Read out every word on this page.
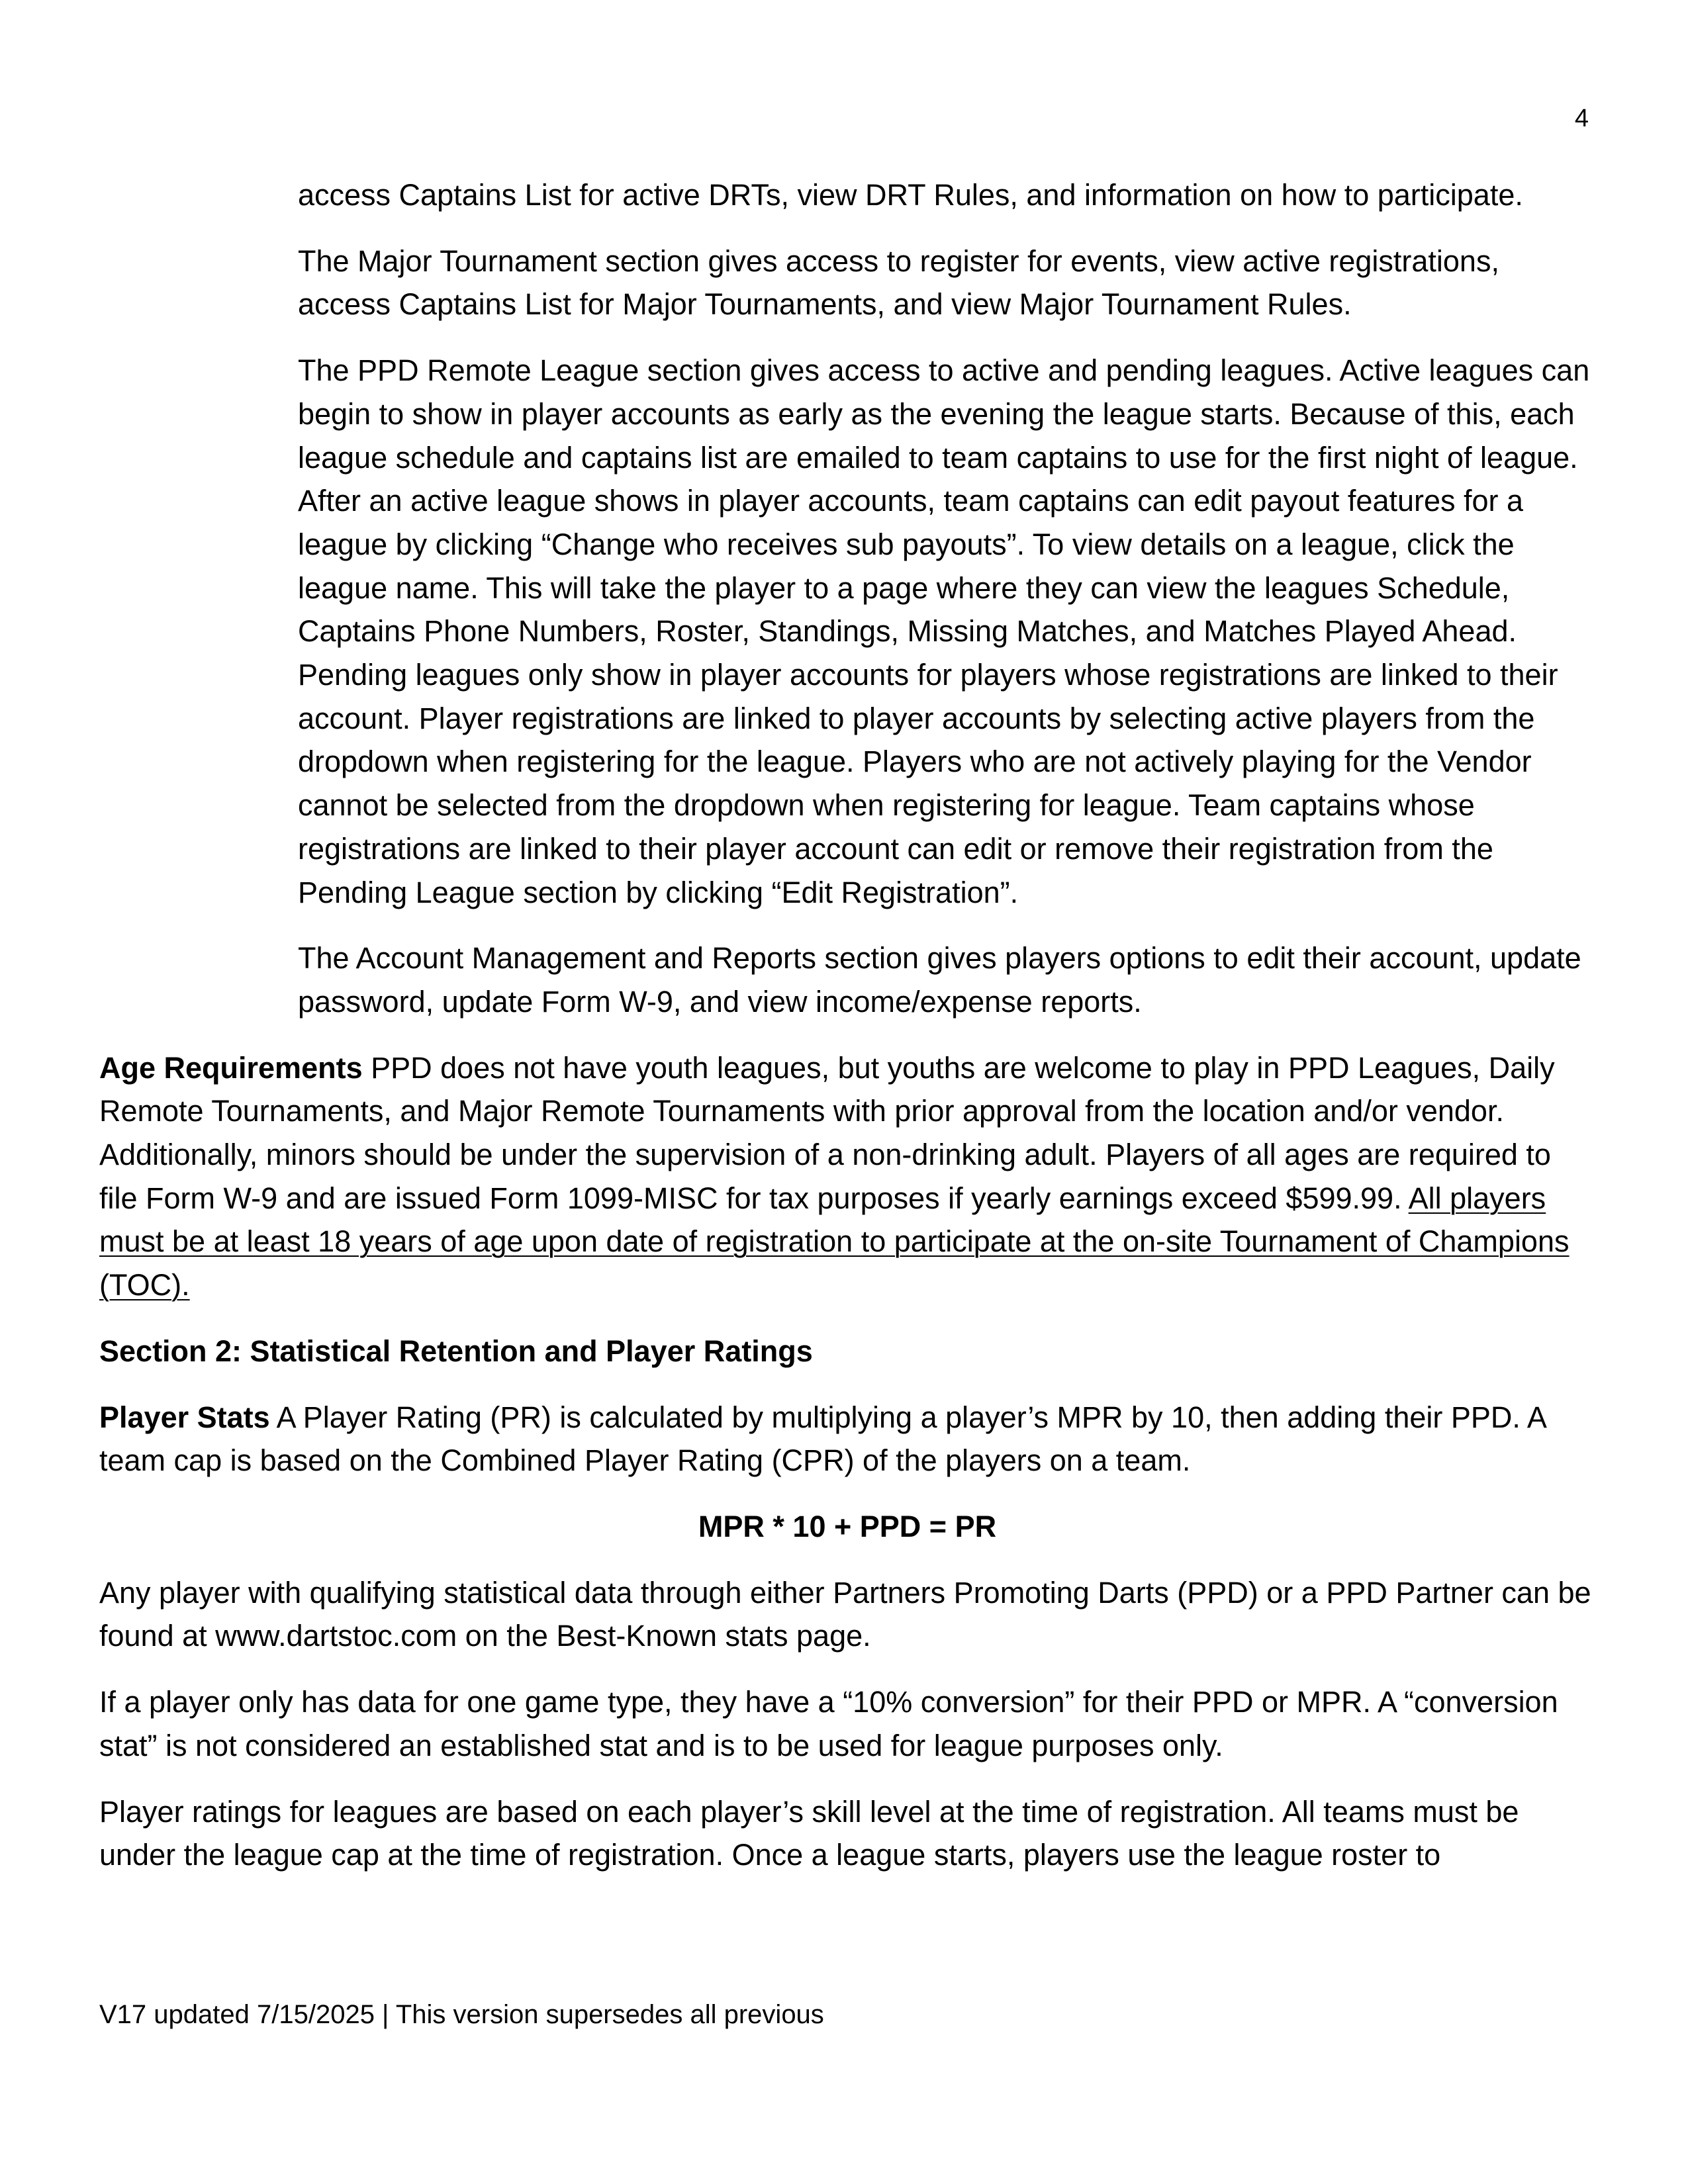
4

access Captains List for active DRTs, view DRT Rules, and information on how to participate.

The Major Tournament section gives access to register for events, view active registrations, access Captains List for Major Tournaments, and view Major Tournament Rules.

The PPD Remote League section gives access to active and pending leagues. Active leagues can begin to show in player accounts as early as the evening the league starts. Because of this, each league schedule and captains list are emailed to team captains to use for the first night of league. After an active league shows in player accounts, team captains can edit payout features for a league by clicking “Change who receives sub payouts”. To view details on a league, click the league name. This will take the player to a page where they can view the leagues Schedule, Captains Phone Numbers, Roster, Standings, Missing Matches, and Matches Played Ahead. Pending leagues only show in player accounts for players whose registrations are linked to their account. Player registrations are linked to player accounts by selecting active players from the dropdown when registering for the league. Players who are not actively playing for the Vendor cannot be selected from the dropdown when registering for league. Team captains whose registrations are linked to their player account can edit or remove their registration from the Pending League section by clicking “Edit Registration”.

The Account Management and Reports section gives players options to edit their account, update password, update Form W-9, and view income/expense reports.

Age Requirements PPD does not have youth leagues, but youths are welcome to play in PPD Leagues, Daily Remote Tournaments, and Major Remote Tournaments with prior approval from the location and/or vendor. Additionally, minors should be under the supervision of a non-drinking adult. Players of all ages are required to file Form W-9 and are issued Form 1099-MISC for tax purposes if yearly earnings exceed $599.99. All players must be at least 18 years of age upon date of registration to participate at the on-site Tournament of Champions (TOC).

Section 2: Statistical Retention and Player Ratings

Player Stats A Player Rating (PR) is calculated by multiplying a player’s MPR by 10, then adding their PPD. A team cap is based on the Combined Player Rating (CPR) of the players on a team.

MPR * 10 + PPD = PR

Any player with qualifying statistical data through either Partners Promoting Darts (PPD) or a PPD Partner can be found at www.dartstoc.com on the Best-Known stats page.

If a player only has data for one game type, they have a “10% conversion” for their PPD or MPR. A “conversion stat” is not considered an established stat and is to be used for league purposes only.

Player ratings for leagues are based on each player’s skill level at the time of registration. All teams must be under the league cap at the time of registration. Once a league starts, players use the league roster to

V17 updated 7/15/2025 | This version supersedes all previous
